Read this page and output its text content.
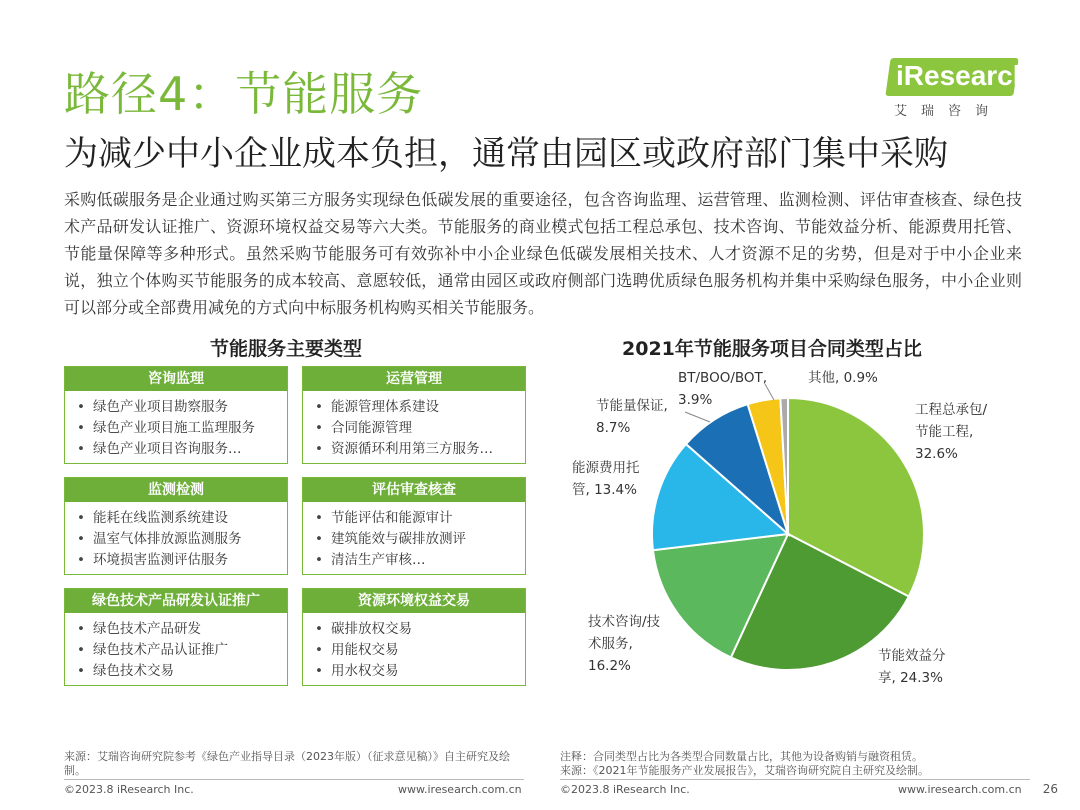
路径4：节能服务
为减少中小企业成本负担，通常由园区或政府部门集中采购
iResearch
艾瑞咨询
采购低碳服务是企业通过购买第三方服务实现绿色低碳发展的重要途径，包含咨询监理、运营管理、监测检测、评估审查核查、绿色技术产品研发认证推广、资源环境权益交易等六大类。节能服务的商业模式包括工程总承包、技术咨询、节能效益分析、能源费用托管、节能量保障等多种形式。虽然采购节能服务可有效弥补中小企业绿色低碳发展相关技术、人才资源不足的劣势，但是对于中小企业来说，独立个体购买节能服务的成本较高、意愿较低，通常由园区或政府侧部门选聘优质绿色服务机构并集中采购绿色服务，中小企业则可以部分或全部费用减免的方式向中标服务机构购买相关节能服务。
节能服务主要类型
咨询监理
• 绿色产业项目勘察服务
• 绿色产业项目施工监理服务
• 绿色产业项目咨询服务…
运营管理
• 能源管理体系建设
• 合同能源管理
• 资源循环利用第三方服务…
监测检测
• 能耗在线监测系统建设
• 温室气体排放源监测服务
• 环境损害监测评估服务
评估审查核查
• 节能评估和能源审计
• 建筑能效与碳排放测评
• 清洁生产审核…
绿色技术产品研发认证推广
• 绿色技术产品研发
• 绿色技术产品认证推广
• 绿色技术交易
资源环境权益交易
• 碳排放权交易
• 用能权交易
• 用水权交易
2021年节能服务项目合同类型占比
工程总承包/节能工程, 32.6%
节能效益分享, 24.3%
技术咨询/技术服务, 16.2%
能源费用托管, 13.4%
节能量保证, 8.7%
BT/BOO/BOT, 3.9%
其他, 0.9%
来源：艾瑞咨询研究院参考《绿色产业指导目录（2023年版）（征求意见稿）》自主研究及绘制。
注释：合同类型占比为各类型合同数量占比，其他为设备购销与融资租赁。
来源：《2021年节能服务产业发展报告》，艾瑞咨询研究院自主研究及绘制。
©2023.8 iResearch Inc.	www.iresearch.com.cn	©2023.8 iResearch Inc.	www.iresearch.com.cn 26
